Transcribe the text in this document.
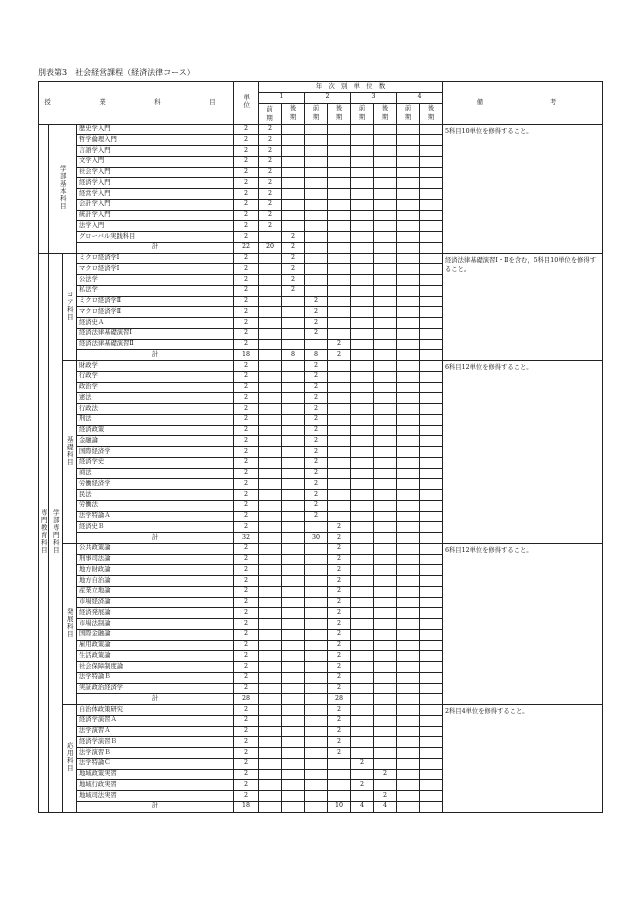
別表第3　社会経営課程（経済法律コース）
授　　業　　科　　目				単位	年　次　別　単　位　数								備　　　考
					1		2		3		4		

					前期	後期	前期	後期	前期	後期	前期	後期	

	学部基本科目		歴史学入門	2	2								5科目10単位を修得すること。
			哲学倫理入門	2	2								
			言語学入門	2	2								
			文学入門	2	2								
			社会学入門	2	2								
			経済学入門	2	2								
			経営学入門	2	2								
			会計学入門	2	2								
			統計学入門	2	2								
			法学入門	2	2								
			グローバル実践科目	2		2							
			計	22	20	2							
専門教育科目	学部専門科目	コア科目	ミクロ経済学Ⅰ	2		2							経済法律基礎演習Ⅰ・Ⅱを含む，5科目10単位を修得すること。
			マクロ経済学Ⅰ	2		2							
			公法学	2		2							
			私法学	2		2							
			ミクロ経済学Ⅱ	2			2						
			マクロ経済学Ⅱ	2			2						
			経済史Ａ	2			2						
			経済法律基礎演習Ⅰ	2			2						
			経済法律基礎演習Ⅱ	2				2					
			計	18		8	8	2					
		基礎科目	財政学	2			2						6科目12単位を修得すること。
			行政学	2			2						
			政治学	2			2						
			憲法	2			2						
			行政法	2			2						
			刑法	2			2						
			経済政策	2			2						
			金融論	2			2						
			国際経済学	2			2						
			経済学史	2			2						
			商法	2			2						
			労働経済学	2			2						
			民法	2			2						
			労働法	2			2						
			法学特論Ａ	2			2						
			経済史Ｂ	2				2					
			計	32			30	2					
		発展科目	公共政策論	2				2					6科目12単位を修得すること。
			刑事司法論	2				2					
			地方財政論	2				2					
			地方自治論	2				2					
			産業立地論	2				2					
			市場経済論	2				2					
			経済発展論	2				2					
			市場法制論	2				2					
			国際金融論	2				2					
			雇用政策論	2				2					
			生活政策論	2				2					
			社会保障制度論	2				2					
			法学特論Ｂ	2				2					
			実証政治経済学	2				2					
			計	28				28					
		応用科目	自治体政策研究	2				2					2科目4単位を修得すること。
			経済学演習Ａ	2				2					
			法学演習Ａ	2				2					
			経済学演習Ｂ	2				2					
			法学演習Ｂ	2				2					
			法学特論Ｃ	2					2				
			地域政策実習	2						2			
			地域行政実習	2					2				
			地域司法実習	2						2			
			計	18				10	4	4			
